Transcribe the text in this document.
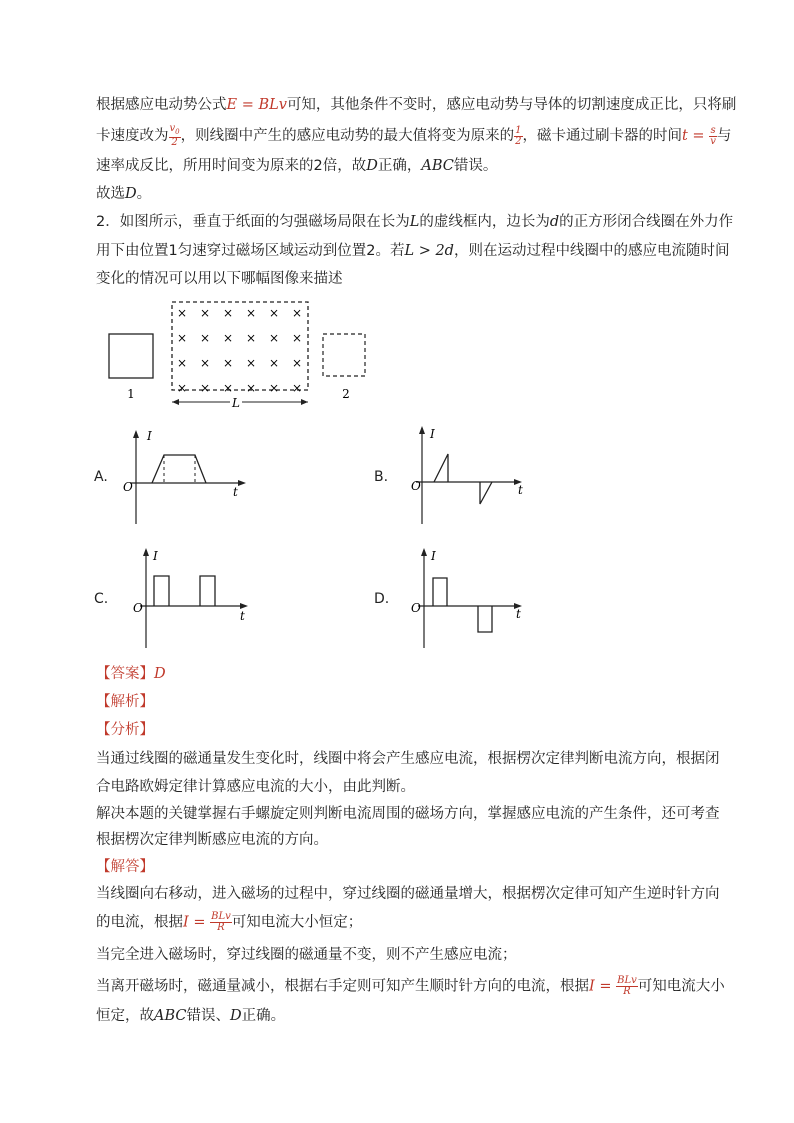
根据感应电动势公式E = BLv可知，其他条件不变时，感应电动势与导体的切割速度成正比，只将刷
卡速度改为 $\frac{v_0}{2}$ ，则线圈中产生的感应电动势的最大值将变为原来的 $\frac{1}{2}$ ，磁卡通过刷卡器的时间$t = \frac{s}{v}$ 与
速率成反比，所用时间变为原来的2倍，故D正确，ABC错误。
故选D。
2．如图所示，垂直于纸面的匀强磁场局限在长为L的虚线框内，边长为d的正方形闭合线圈在外力作
用下由位置1匀速穿过磁场区域运动到位置2。若L > 2d，则在运动过程中线圈中的感应电流随时间
变化的情况可以用以下哪幅图像来描述
1
× × × × × ×
× × × × × ×
× × × × × ×
× × × × × ×	2
L
A.
I
O	t
B.
I
O	t
C.
I
O
t
D.
I
O	t
【答案】D
【解析】
【分析】
当通过线圈的磁通量发生变化时，线圈中将会产生感应电流，根据楞次定律判断电流方向，根据闭
合电路欧姆定律计算感应电流的大小，由此判断。
解决本题的关键掌握右手螺旋定则判断电流周围的磁场方向，掌握感应电流的产生条件，还可考查
根据楞次定律判断感应电流的方向。
【解答】
当线圈向右移动，进入磁场的过程中，穿过线圈的磁通量增大，根据楞次定律可知产生逆时针方向
的电流，根据$I = \frac{\text{BLv}}{R}$ 可知电流大小恒定；
当完全进入磁场时，穿过线圈的磁通量不变，则不产生感应电流；
当离开磁场时，磁通量减小，根据右手定则可知产生顺时针方向的电流，根据$I = \frac{\text{BLv}}{R}$ 可知电流大小
恒定，故ABC错误、D正确。
